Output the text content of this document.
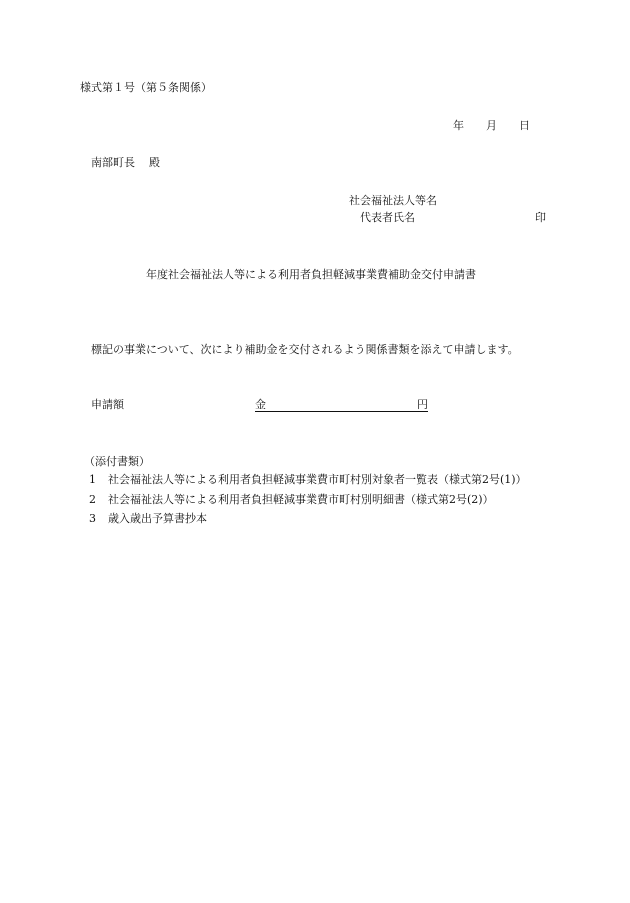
様式第１号（第５条関係）
年 月 日
南部町長 殿
社会福祉法人等名
代表者氏名	印
年度社会福祉法人等による利用者負担軽減事業費補助金交付申請書
標記の事業について、次により補助金を交付されるよう関係書類を添えて申請します。
申請額	金	円
（添付書類）
1 社会福祉法人等による利用者負担軽減事業費市町村別対象者一覧表（様式第2号(1)）
2 社会福祉法人等による利用者負担軽減事業費市町村別明細書（様式第2号(2)）
3 歳入歳出予算書抄本
